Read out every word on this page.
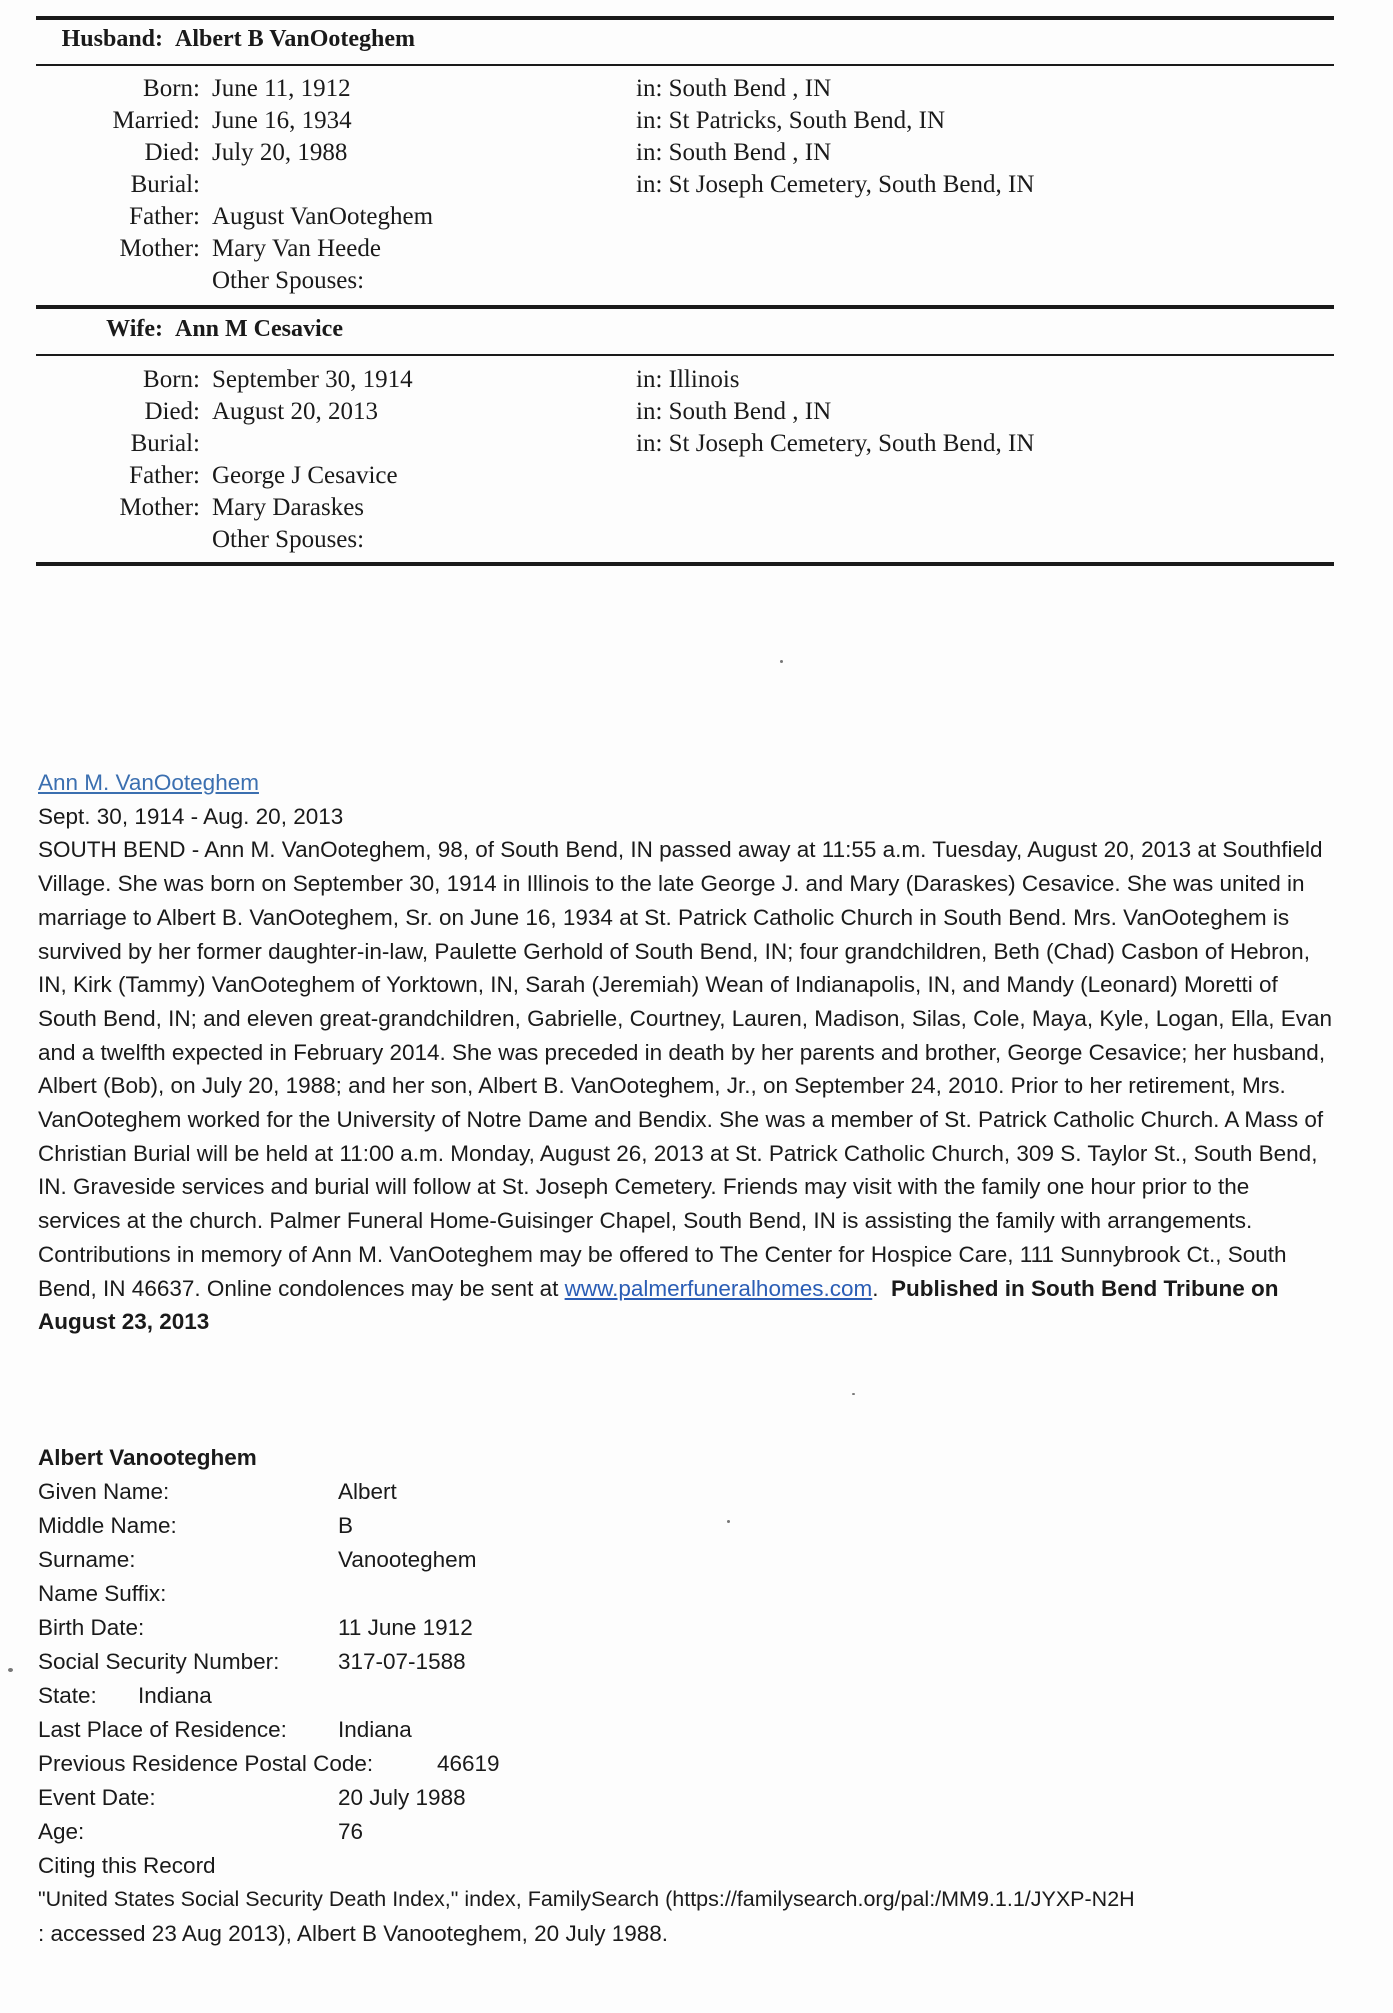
Husband: Albert B VanOoteghem
Born: June 11, 1912	in: South Bend , IN
Married: June 16, 1934	in: St Patricks, South Bend, IN
Died: July 20, 1988	in: South Bend , IN
Burial:	in: St Joseph Cemetery, South Bend, IN
Father: August VanOoteghem
Mother: Mary Van Heede
Other Spouses:
Wife: Ann M Cesavice
Born: September 30, 1914	in: Illinois
Died: August 20, 2013	in: South Bend , IN
Burial:	in: St Joseph Cemetery, South Bend, IN
Father: George J Cesavice
Mother: Mary Daraskes
Other Spouses:
Ann M. VanOoteghem
Sept. 30, 1914 - Aug. 20, 2013
SOUTH BEND - Ann M. VanOoteghem, 98, of South Bend, IN passed away at 11:55 a.m. Tuesday, August 20, 2013 at Southfield Village. She was born on September 30, 1914 in Illinois to the late George J. and Mary (Daraskes) Cesavice. She was united in marriage to Albert B. VanOoteghem, Sr. on June 16, 1934 at St. Patrick Catholic Church in South Bend. Mrs. VanOoteghem is survived by her former daughter-in-law, Paulette Gerhold of South Bend, IN; four grandchildren, Beth (Chad) Casbon of Hebron, IN, Kirk (Tammy) VanOoteghem of Yorktown, IN, Sarah (Jeremiah) Wean of Indianapolis, IN, and Mandy (Leonard) Moretti of South Bend, IN; and eleven great-grandchildren, Gabrielle, Courtney, Lauren, Madison, Silas, Cole, Maya, Kyle, Logan, Ella, Evan and a twelfth expected in February 2014. She was preceded in death by her parents and brother, George Cesavice; her husband, Albert (Bob), on July 20, 1988; and her son, Albert B. VanOoteghem, Jr., on September 24, 2010. Prior to her retirement, Mrs. VanOoteghem worked for the University of Notre Dame and Bendix. She was a member of St. Patrick Catholic Church. A Mass of Christian Burial will be held at 11:00 a.m. Monday, August 26, 2013 at St. Patrick Catholic Church, 309 S. Taylor St., South Bend, IN. Graveside services and burial will follow at St. Joseph Cemetery. Friends may visit with the family one hour prior to the services at the church. Palmer Funeral Home-Guisinger Chapel, South Bend, IN is assisting the family with arrangements. Contributions in memory of Ann M. VanOoteghem may be offered to The Center for Hospice Care, 111 Sunnybrook Ct., South Bend, IN 46637. Online condolences may be sent at www.palmerfuneralhomes.com. Published in South Bend Tribune on August 23, 2013
Albert Vanooteghem
Given Name:	Albert
Middle Name:	B
Surname:	Vanooteghem
Name Suffix:
Birth Date:	11 June 1912
Social Security Number:	317-07-1588
State: Indiana
Last Place of Residence: Indiana
Previous Residence Postal Code:	46619
Event Date:	20 July 1988
Age:	76
Citing this Record
"United States Social Security Death Index," index, FamilySearch (https://familysearch.org/pal:/MM9.1.1/JYXP-N2H
: accessed 23 Aug 2013), Albert B Vanooteghem, 20 July 1988.
